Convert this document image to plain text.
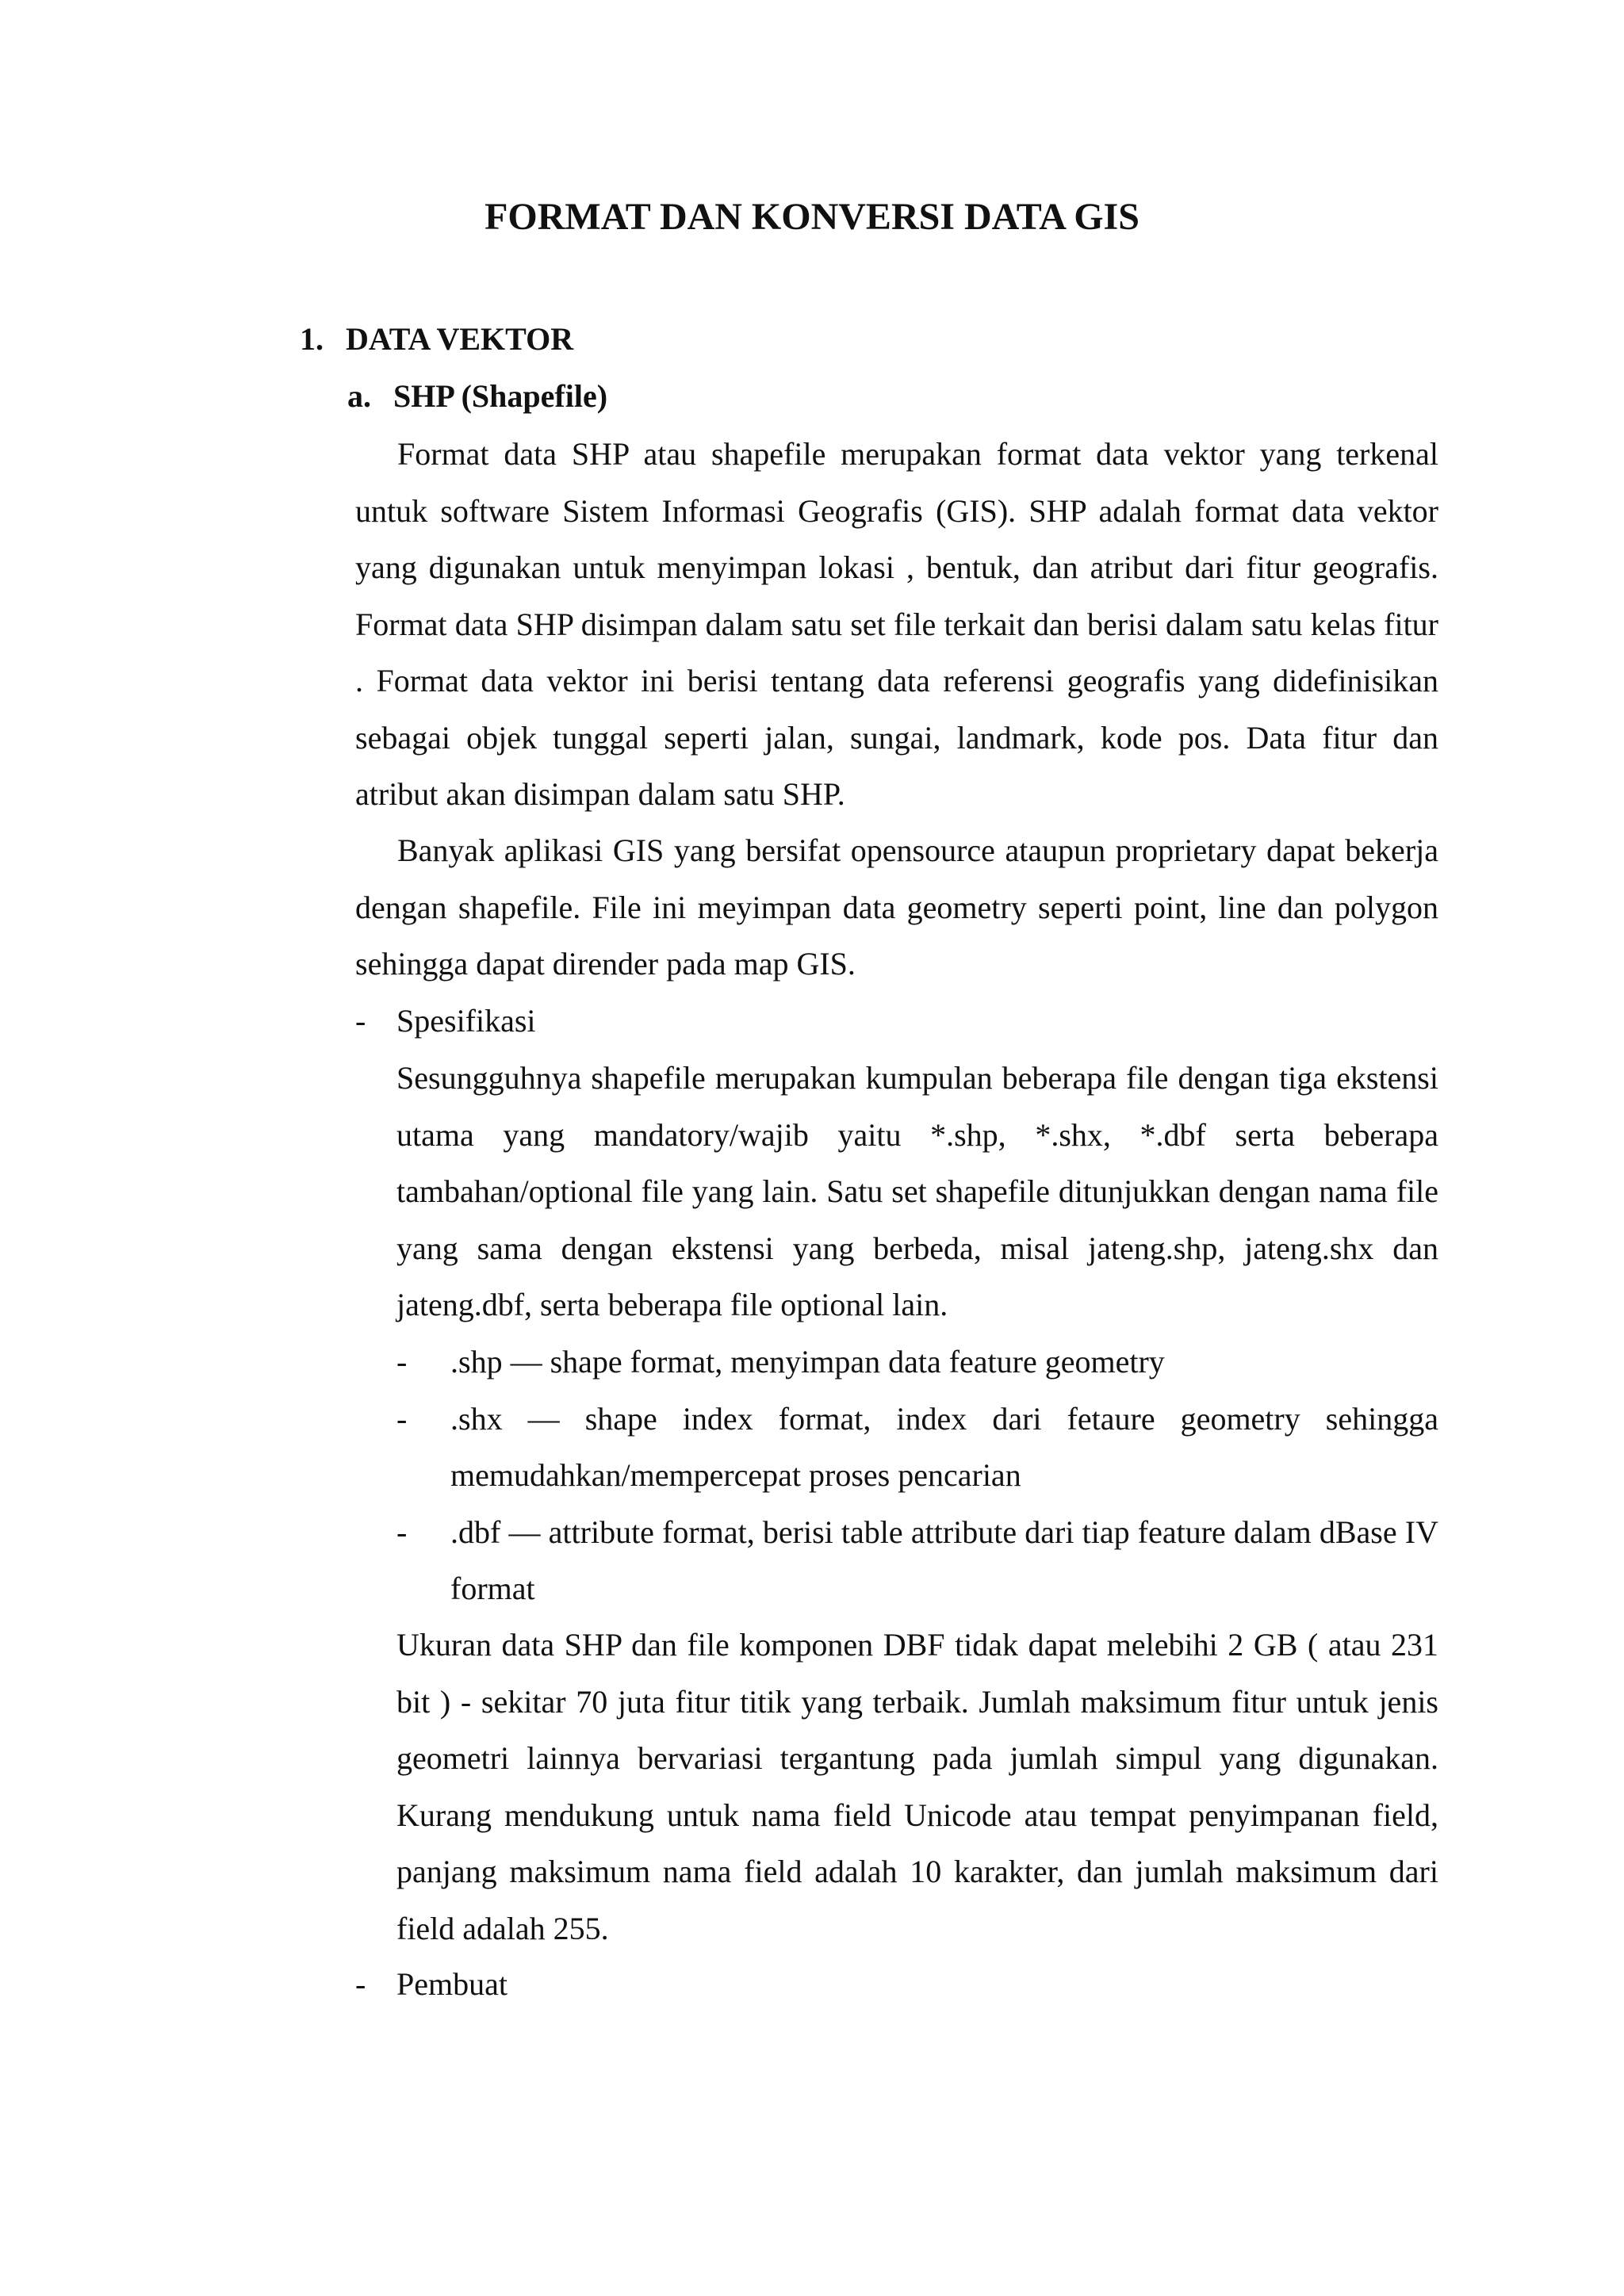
FORMAT DAN KONVERSI DATA GIS
1. DATA VEKTOR
a. SHP (Shapefile)

Format data SHP atau shapefile merupakan format data vektor yang terkenal untuk software Sistem Informasi Geografis (GIS). SHP adalah format data vektor yang digunakan untuk menyimpan lokasi , bentuk, dan atribut dari fitur geografis. Format data SHP disimpan dalam satu set file terkait dan berisi dalam satu kelas fitur . Format data vektor ini berisi tentang data referensi geografis yang didefinisikan sebagai objek tunggal seperti jalan, sungai, landmark, kode pos. Data fitur dan atribut akan disimpan dalam satu SHP.

Banyak aplikasi GIS yang bersifat opensource ataupun proprietary dapat bekerja dengan shapefile. File ini meyimpan data geometry seperti point, line dan polygon sehingga dapat dirender pada map GIS.

- Spesifikasi

Sesungguhnya shapefile merupakan kumpulan beberapa file dengan tiga ekstensi utama yang mandatory/wajib yaitu *.shp, *.shx, *.dbf serta beberapa tambahan/optional file yang lain. Satu set shapefile ditunjukkan dengan nama file yang sama dengan ekstensi yang berbeda, misal jateng.shp, jateng.shx dan jateng.dbf, serta beberapa file optional lain.

- .shp — shape format, menyimpan data feature geometry
- .shx — shape index format, index dari fetaure geometry sehingga memudahkan/mempercepat proses pencarian
- .dbf — attribute format, berisi table attribute dari tiap feature dalam dBase IV format

Ukuran data SHP dan file komponen DBF tidak dapat melebihi 2 GB ( atau 231 bit ) - sekitar 70 juta fitur titik yang terbaik. Jumlah maksimum fitur untuk jenis geometri lainnya bervariasi tergantung pada jumlah simpul yang digunakan. Kurang mendukung untuk nama field Unicode atau tempat penyimpanan field, panjang maksimum nama field adalah 10 karakter, dan jumlah maksimum dari field adalah 255.

- Pembuat
